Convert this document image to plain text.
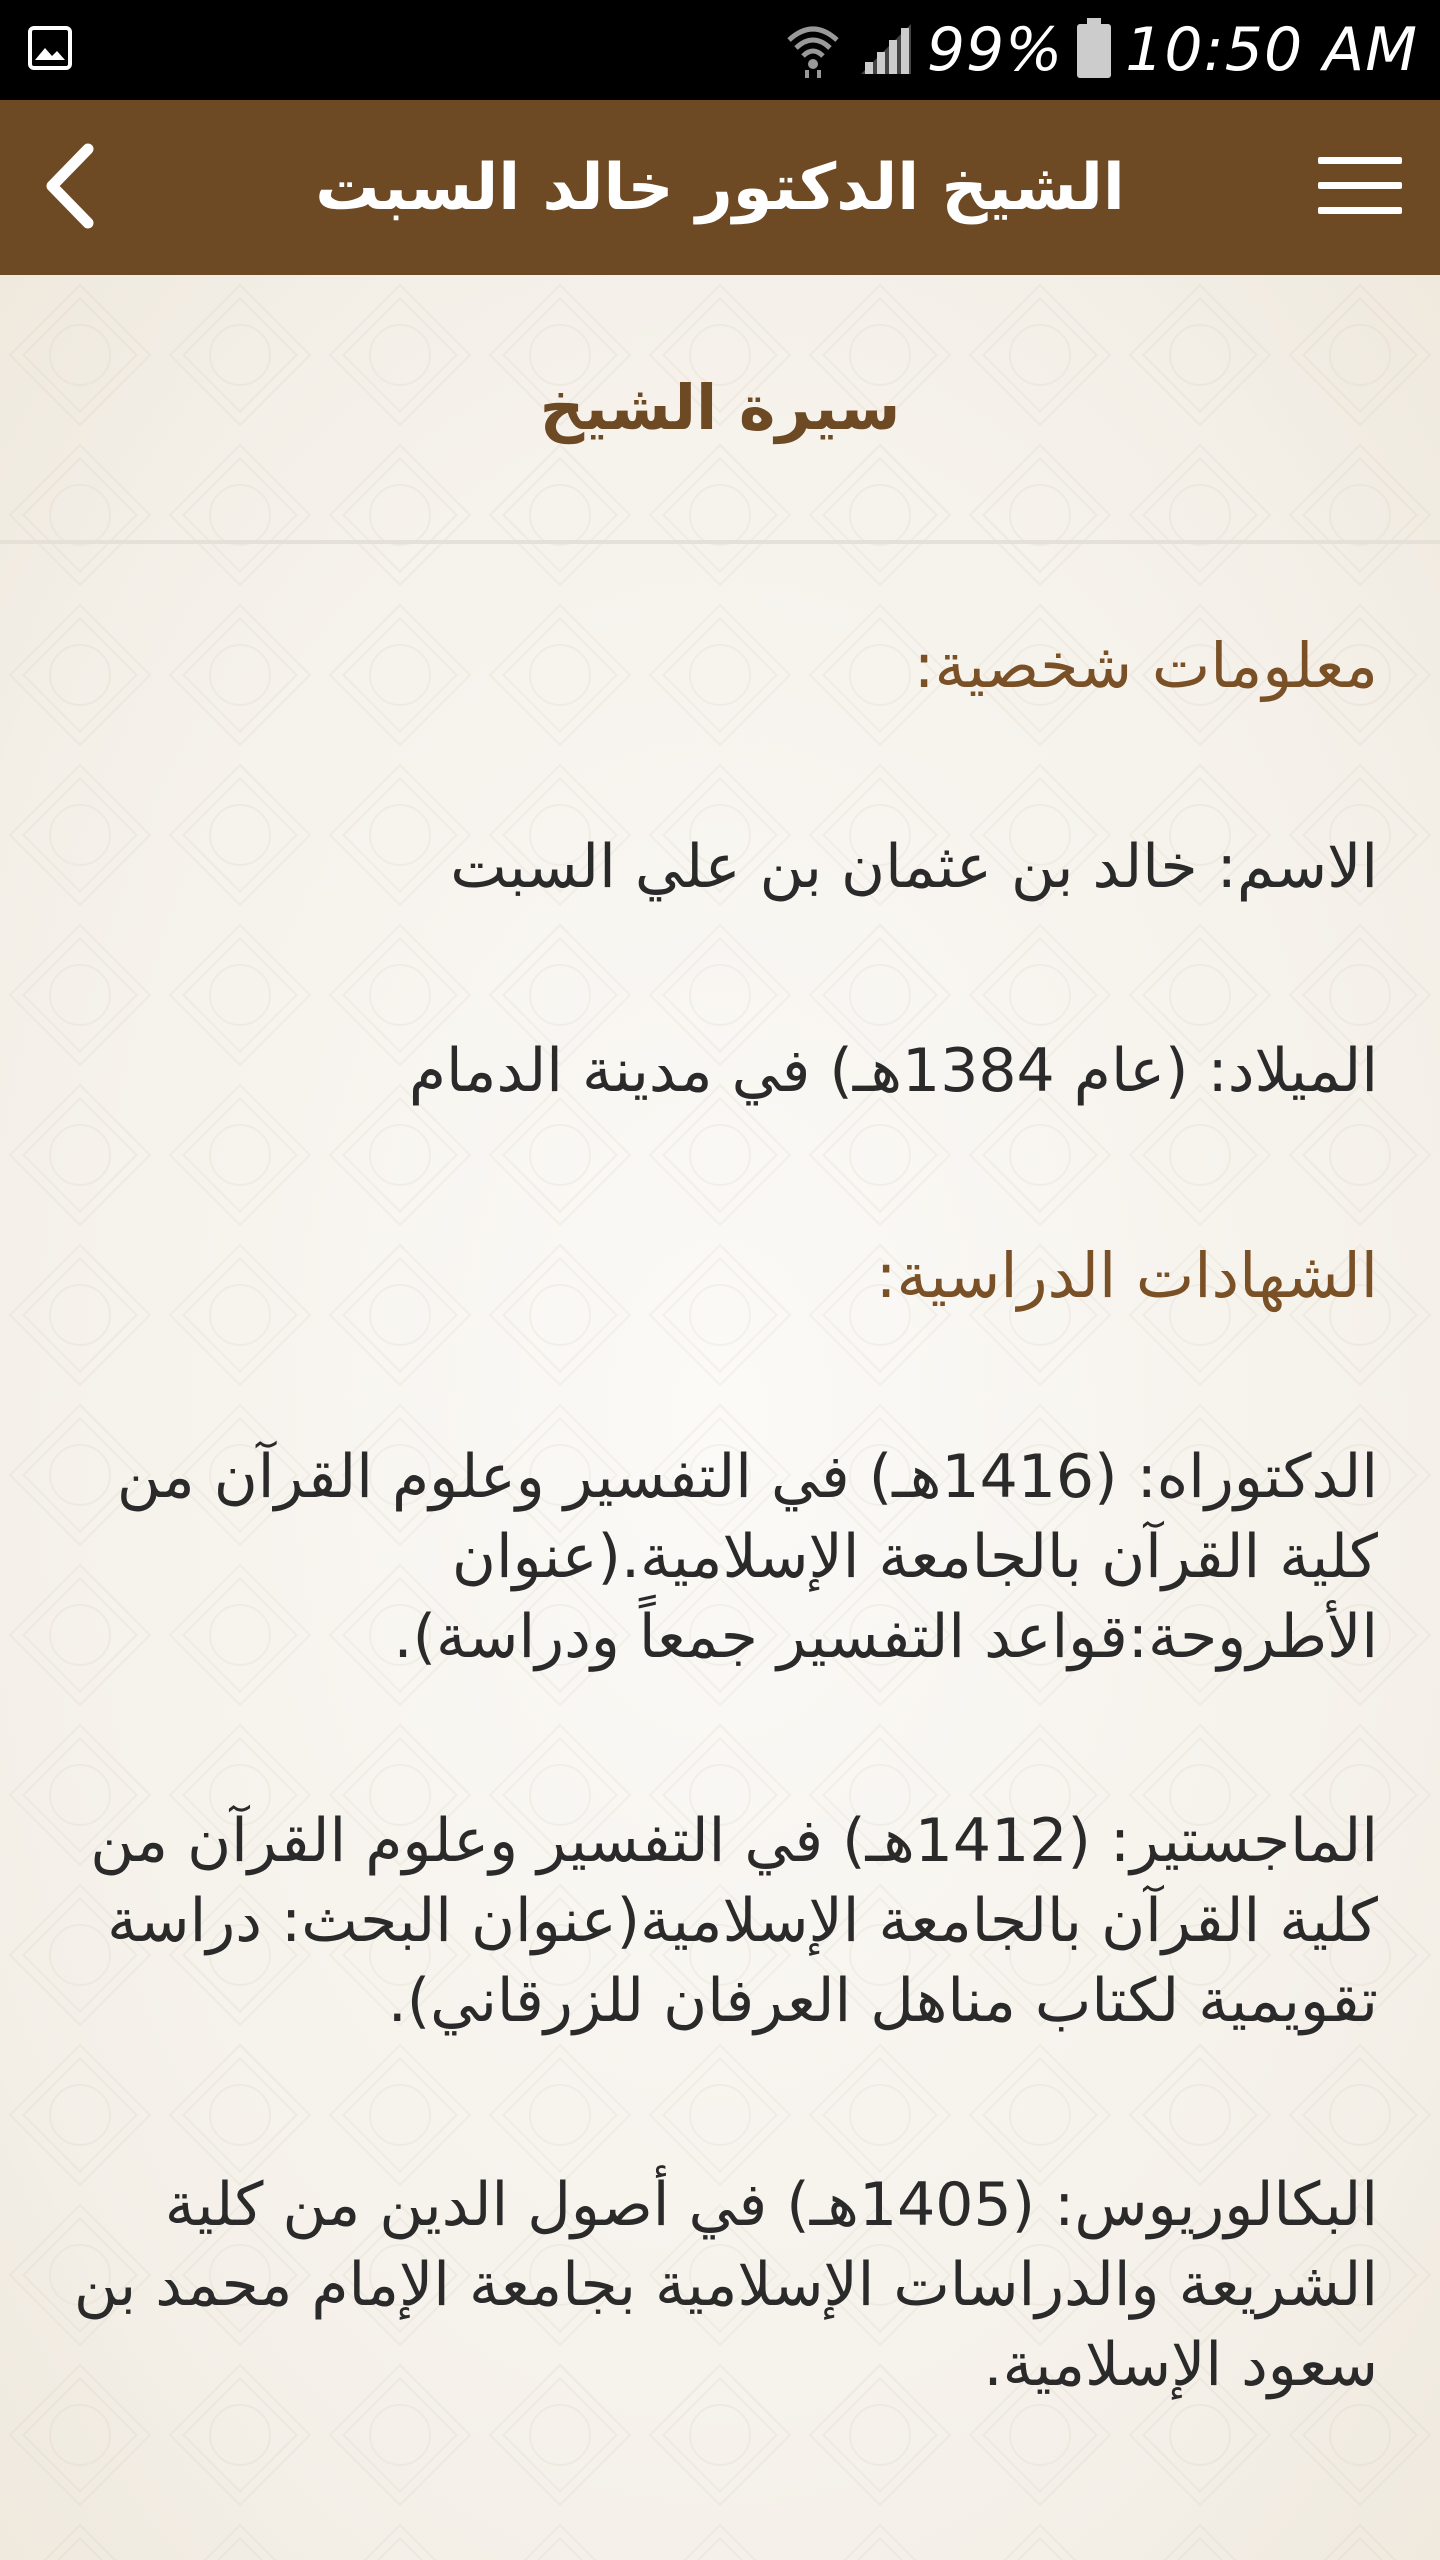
99% 10:50 AM
الشيخ الدكتور خالد السبت
سيرة الشيخ

معلومات شخصية:

الاسم: خالد بن عثمان بن علي السبت

الميلاد: (عام 1384هـ) في مدينة الدمام

الشهادات الدراسية:

الدكتوراه: (1416هـ) في التفسير وعلوم القرآن من كلية القرآن بالجامعة الإسلامية.(عنوان الأطروحة:قواعد التفسير جمعاً ودراسة).

الماجستير: (1412هـ) في التفسير وعلوم القرآن من كلية القرآن بالجامعة الإسلامية(عنوان البحث: دراسة تقويمية لكتاب مناهل العرفان للزرقاني).

البكالوريوس: (1405هـ) في أصول الدين من كلية الشريعة والدراسات الإسلامية بجامعة الإمام محمد بن سعود الإسلامية.
